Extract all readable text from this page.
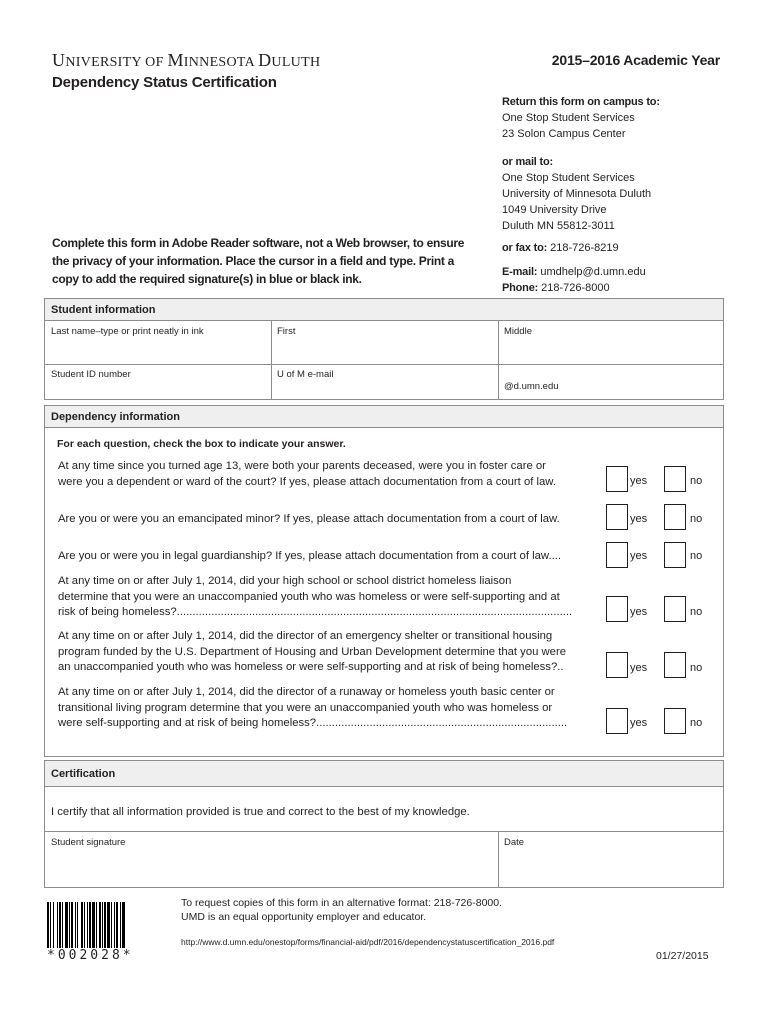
UNIVERSITY OF MINNESOTA DULUTH
Dependency Status Certification
2015–2016 Academic Year
Return this form on campus to:
One Stop Student Services
23 Solon Campus Center
or mail to:
One Stop Student Services
University of Minnesota Duluth
1049 University Drive
Duluth MN 55812-3011
or fax to: 218-726-8219
E-mail: umdhelp@d.umn.edu
Phone: 218-726-8000
Complete this form in Adobe Reader software, not a Web browser, to ensure the privacy of your information. Place the cursor in a field and type. Print a copy to add the required signature(s) in blue or black ink.
Student information
Last name–type or print neatly in ink	First	Middle
Student ID number	U of M e-mail
@d.umn.edu
Dependency information
For each question, check the box to indicate your answer.
At any time since you turned age 13, were both your parents deceased, were you in foster care or
were you a dependent or ward of the court? If yes, please attach documentation from a court of law.	yes	no
Are you or were you an emancipated minor? If yes, please attach documentation from a court of law.	yes	no
Are you or were you in legal guardianship? If yes, please attach documentation from a court of law....	yes	no
At any time on or after July 1, 2014, did your high school or school district homeless liaison
determine that you were an unaccompanied youth who was homeless or were self-supporting and at
risk of being homeless?..............................................................................................................................	yes	no
At any time on or after July 1, 2014, did the director of an emergency shelter or transitional housing
program funded by the U.S. Department of Housing and Urban Development determine that you were
an unaccompanied youth who was homeless or were self-supporting and at risk of being homeless?..	yes	no
At any time on or after July 1, 2014, did the director of a runaway or homeless youth basic center or
transitional living program determine that you were an unaccompanied youth who was homeless or
were self-supporting and at risk of being homeless?................................................................................	yes	no
Certification
I certify that all information provided is true and correct to the best of my knowledge.
Student signature	Date
*002028*
To request copies of this form in an alternative format: 218-726-8000.
UMD is an equal opportunity employer and educator.
http://www.d.umn.edu/onestop/forms/financial-aid/pdf/2016/dependencystatuscertification_2016.pdf
01/27/2015
